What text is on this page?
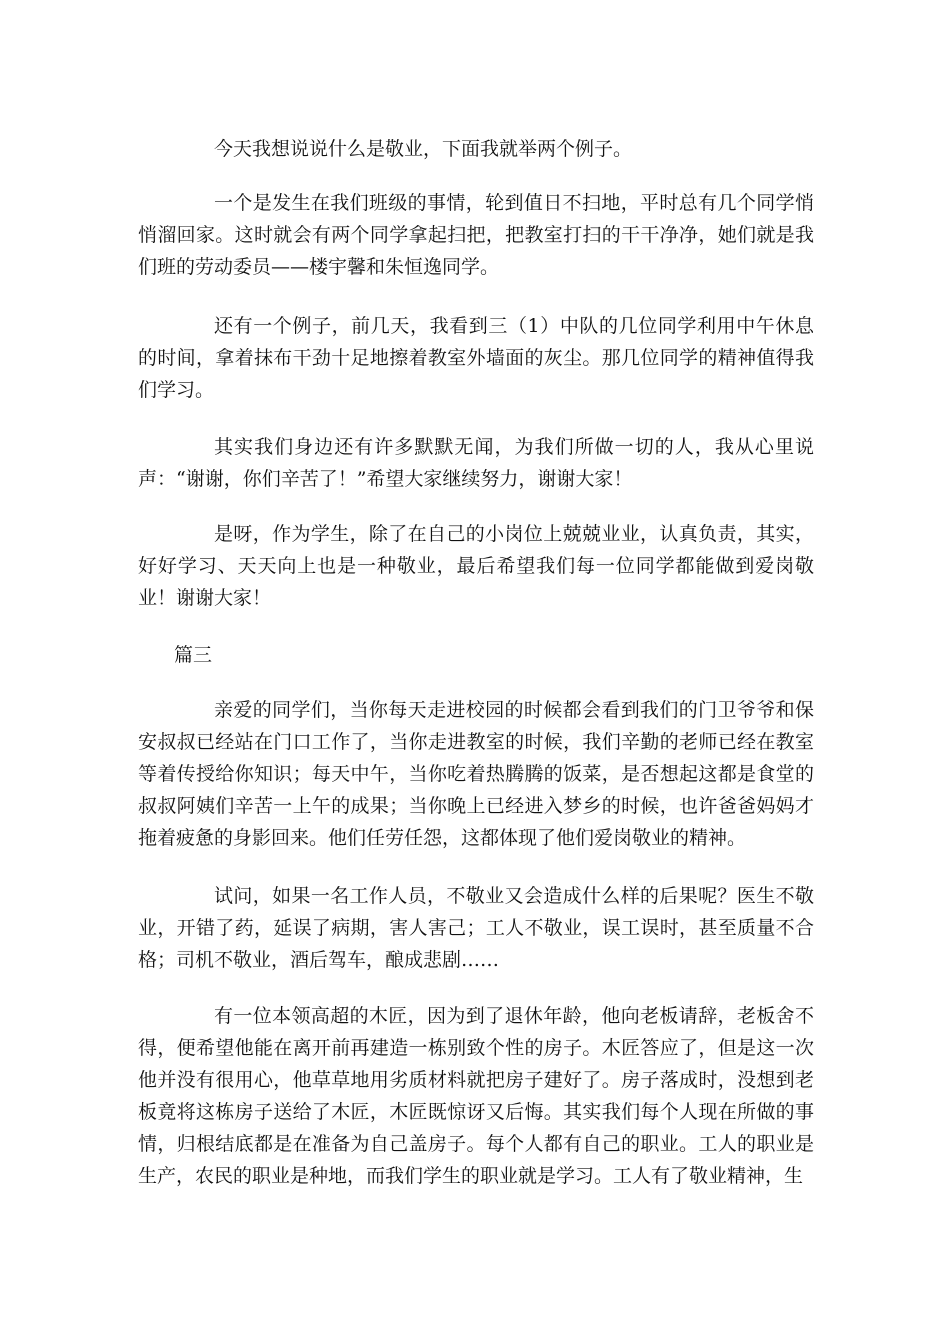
今天我想说说什么是敬业，下面我就举两个例子。

一个是发生在我们班级的事情，轮到值日不扫地，平时总有几个同学悄悄溜回家。这时就会有两个同学拿起扫把，把教室打扫的干干净净，她们就是我们班的劳动委员——楼宇馨和朱恒逸同学。

还有一个例子，前几天，我看到三（1）中队的几位同学利用中午休息的时间，拿着抹布干劲十足地擦着教室外墙面的灰尘。那几位同学的精神值得我们学习。

其实我们身边还有许多默默无闻，为我们所做一切的人，我从心里说声：“谢谢，你们辛苦了！”希望大家继续努力，谢谢大家！

是呀，作为学生，除了在自己的小岗位上兢兢业业，认真负责，其实，好好学习、天天向上也是一种敬业，最后希望我们每一位同学都能做到爱岗敬业！谢谢大家！

篇三

亲爱的同学们，当你每天走进校园的时候都会看到我们的门卫爷爷和保安叔叔已经站在门口工作了，当你走进教室的时候，我们辛勤的老师已经在教室等着传授给你知识；每天中午，当你吃着热腾腾的饭菜，是否想起这都是食堂的叔叔阿姨们辛苦一上午的成果；当你晚上已经进入梦乡的时候，也许爸爸妈妈才拖着疲惫的身影回来。他们任劳任怨，这都体现了他们爱岗敬业的精神。

试问，如果一名工作人员，不敬业又会造成什么样的后果呢？医生不敬业，开错了药，延误了病期，害人害己；工人不敬业，误工误时，甚至质量不合格；司机不敬业，酒后驾车，酿成悲剧……

有一位本领高超的木匠，因为到了退休年龄，他向老板请辞，老板舍不得，便希望他能在离开前再建造一栋别致个性的房子。木匠答应了，但是这一次他并没有很用心，他草草地用劣质材料就把房子建好了。房子落成时，没想到老板竟将这栋房子送给了木匠，木匠既惊讶又后悔。其实我们每个人现在所做的事情，归根结底都是在准备为自己盖房子。每个人都有自己的职业。工人的职业是生产，农民的职业是种地，而我们学生的职业就是学习。工人有了敬业精神，生
